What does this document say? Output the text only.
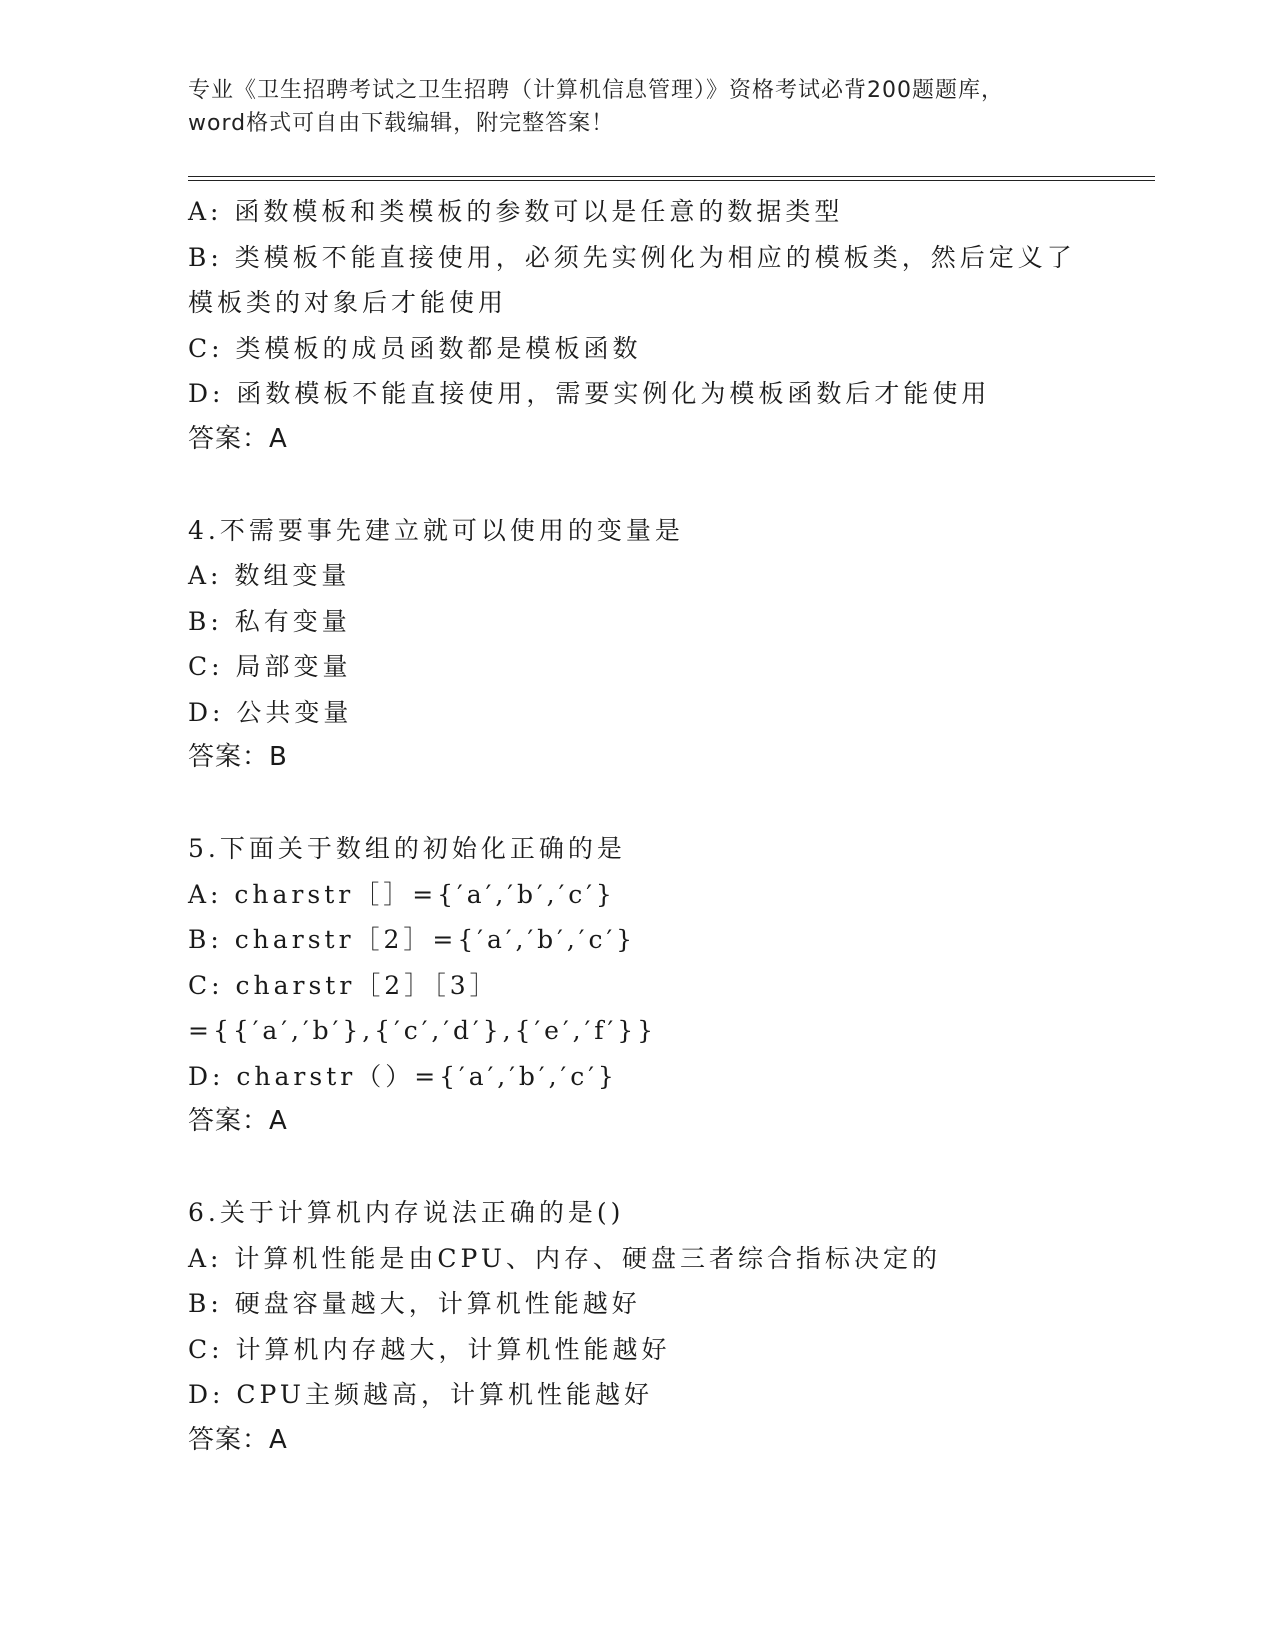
专业《卫生招聘考试之卫生招聘（计算机信息管理）》资格考试必背200题题库，
word格式可自由下载编辑，附完整答案！
A: 函数模板和类模板的参数可以是任意的数据类型
B: 类模板不能直接使用，必须先实例化为相应的模板类，然后定义了
模板类的对象后才能使用
C: 类模板的成员函数都是模板函数
D: 函数模板不能直接使用，需要实例化为模板函数后才能使用
答案：A
4.不需要事先建立就可以使用的变量是
A: 数组变量
B: 私有变量
C: 局部变量
D: 公共变量
答案：B
5.下面关于数组的初始化正确的是
A: charstr［］={′a′,′b′,′c′}
B: charstr［2］={′a′,′b′,′c′}
C: charstr［2］［3］
={{′a′,′b′},{′c′,′d′},{′e′,′f′}}
D: charstr（）={′a′,′b′,′c′}
答案：A
6.关于计算机内存说法正确的是()
A: 计算机性能是由CPU、内存、硬盘三者综合指标决定的
B: 硬盘容量越大，计算机性能越好
C: 计算机内存越大，计算机性能越好
D: CPU主频越高，计算机性能越好
答案：A
